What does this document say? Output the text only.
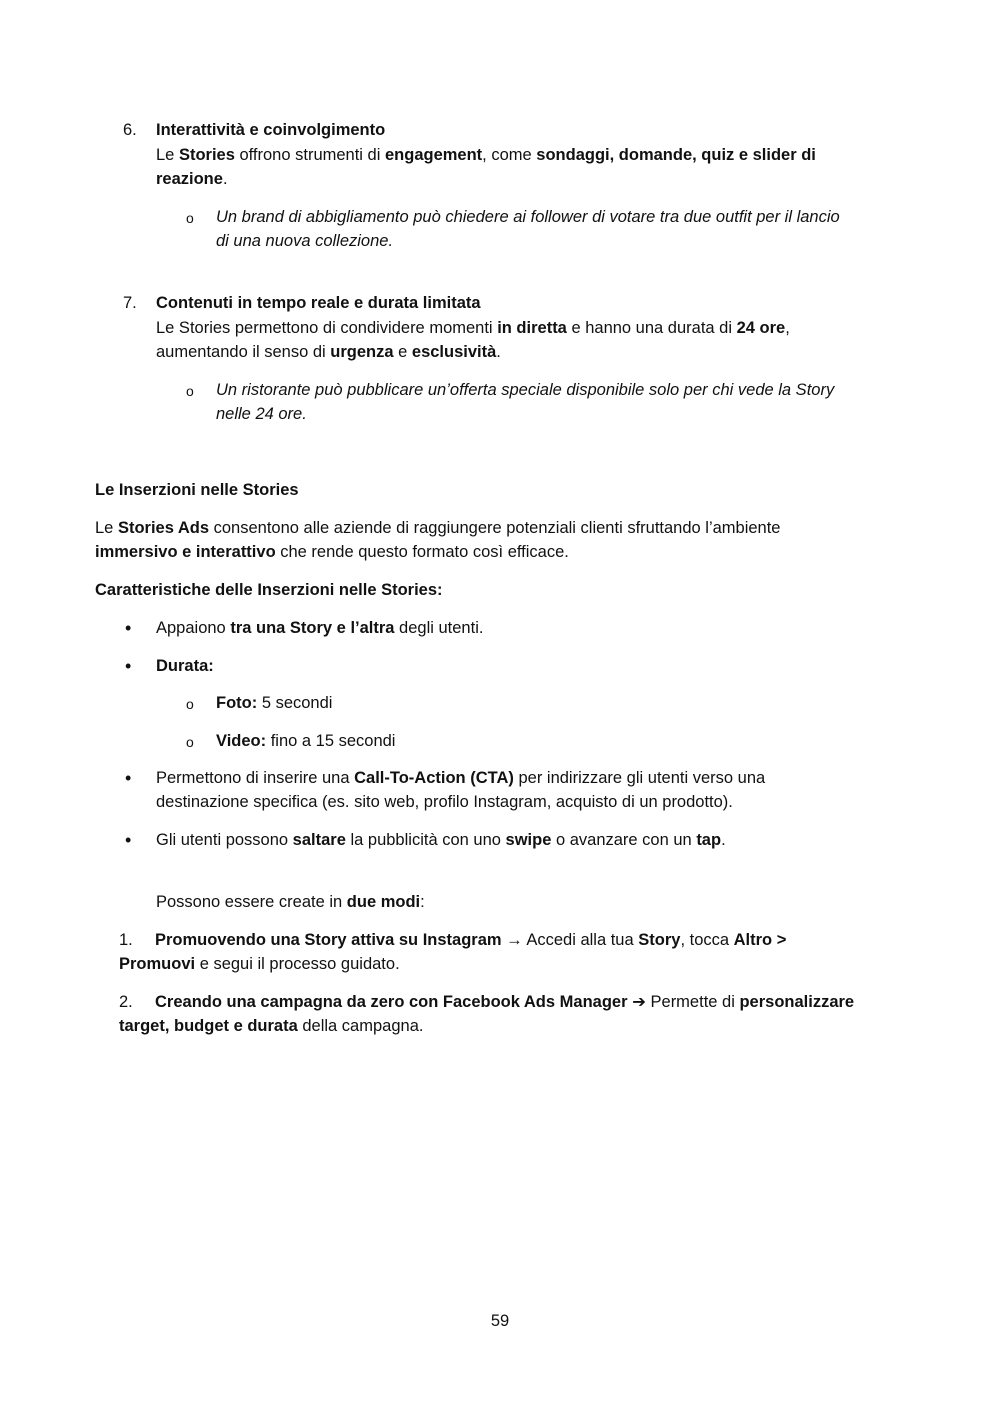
6. Interattività e coinvolgimento
Le Stories offrono strumenti di engagement, come sondaggi, domande, quiz e slider di
reazione.
o Un brand di abbigliamento può chiedere ai follower di votare tra due outfit per il lancio
di una nuova collezione.
7. Contenuti in tempo reale e durata limitata
Le Stories permettono di condividere momenti in diretta e hanno una durata di 24 ore,
aumentando il senso di urgenza e esclusività.
o Un ristorante può pubblicare un’offerta speciale disponibile solo per chi vede la Story
nelle 24 ore.
Le Inserzioni nelle Stories
Le Stories Ads consentono alle aziende di raggiungere potenziali clienti sfruttando l’ambiente
immersivo e interattivo che rende questo formato così efficace.
Caratteristiche delle Inserzioni nelle Stories:
• Appaiono tra una Story e l’altra degli utenti.
• Durata:
o Foto: 5 secondi
o Video: fino a 15 secondi
• Permettono di inserire una Call-To-Action (CTA) per indirizzare gli utenti verso una
destinazione specifica (es. sito web, profilo Instagram, acquisto di un prodotto).
• Gli utenti possono saltare la pubblicità con uno swipe o avanzare con un tap.
Possono essere create in due modi:
1. Promuovendo una Story attiva su Instagram → Accedi alla tua Story, tocca Altro >
Promuovi e segui il processo guidato.
2. Creando una campagna da zero con Facebook Ads Manager ➔ Permette di personalizzare
target, budget e durata della campagna.
59
